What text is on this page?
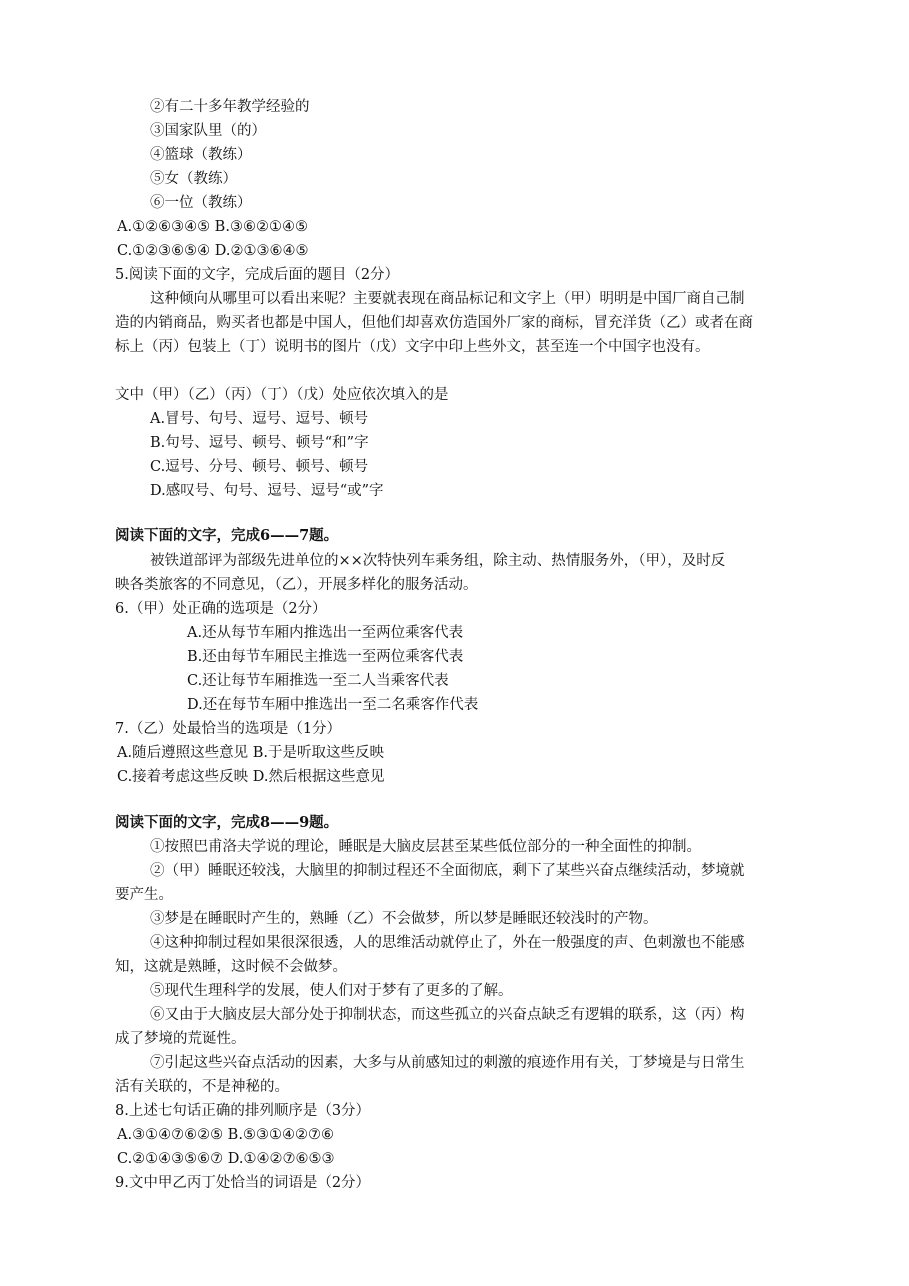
②有二十多年教学经验的
③国家队里（的）
④篮球（教练）
⑤女（教练）
⑥一位（教练）
A.①②⑥③④⑤ B.③⑥②①④⑤
C.①②③⑥⑤④ D.②①③⑥④⑤
5.阅读下面的文字，完成后面的题目（2分）
这种倾向从哪里可以看出来呢？主要就表现在商品标记和文字上（甲）明明是中国厂商自己制
造的内销商品，购买者也都是中国人，但他们却喜欢仿造国外厂家的商标，冒充洋货（乙）或者在商
标上（丙）包装上（丁）说明书的图片（戊）文字中印上些外文，甚至连一个中国字也没有。
文中（甲）（乙）（丙）（丁）（戊）处应依次填入的是
A.冒号、句号、逗号、逗号、顿号
B.句号、逗号、顿号、顿号“和”字
C.逗号、分号、顿号、顿号、顿号
D.感叹号、句号、逗号、逗号“或”字
阅读下面的文字，完成6——7题。
被铁道部评为部级先进单位的××次特快列车乘务组，除主动、热情服务外，（甲），及时反
映各类旅客的不同意见，（乙），开展多样化的服务活动。
6.（甲）处正确的选项是（2分）
A.还从每节车厢内推选出一至两位乘客代表
B.还由每节车厢民主推选一至两位乘客代表
C.还让每节车厢推选一至二人当乘客代表
D.还在每节车厢中推选出一至二名乘客作代表
7.（乙）处最恰当的选项是（1分）
A.随后遵照这些意见 B.于是听取这些反映
C.接着考虑这些反映 D.然后根据这些意见
阅读下面的文字，完成8——9题。
①按照巴甫洛夫学说的理论，睡眠是大脑皮层甚至某些低位部分的一种全面性的抑制。
②（甲）睡眠还较浅，大脑里的抑制过程还不全面彻底，剩下了某些兴奋点继续活动，梦境就
要产生。
③梦是在睡眠时产生的，熟睡（乙）不会做梦，所以梦是睡眠还较浅时的产物。
④这种抑制过程如果很深很透，人的思维活动就停止了，外在一般强度的声、色刺激也不能感
知，这就是熟睡，这时候不会做梦。
⑤现代生理科学的发展，使人们对于梦有了更多的了解。
⑥又由于大脑皮层大部分处于抑制状态，而这些孤立的兴奋点缺乏有逻辑的联系，这（丙）构
成了梦境的荒诞性。
⑦引起这些兴奋点活动的因素，大多与从前感知过的刺激的痕迹作用有关，丁梦境是与日常生
活有关联的，不是神秘的。
8.上述七句话正确的排列顺序是（3分）
A.③①④⑦⑥②⑤ B.⑤③①④②⑦⑥
C.②①④③⑤⑥⑦ D.①④②⑦⑥⑤③
9.文中甲乙丙丁处恰当的词语是（2分）
